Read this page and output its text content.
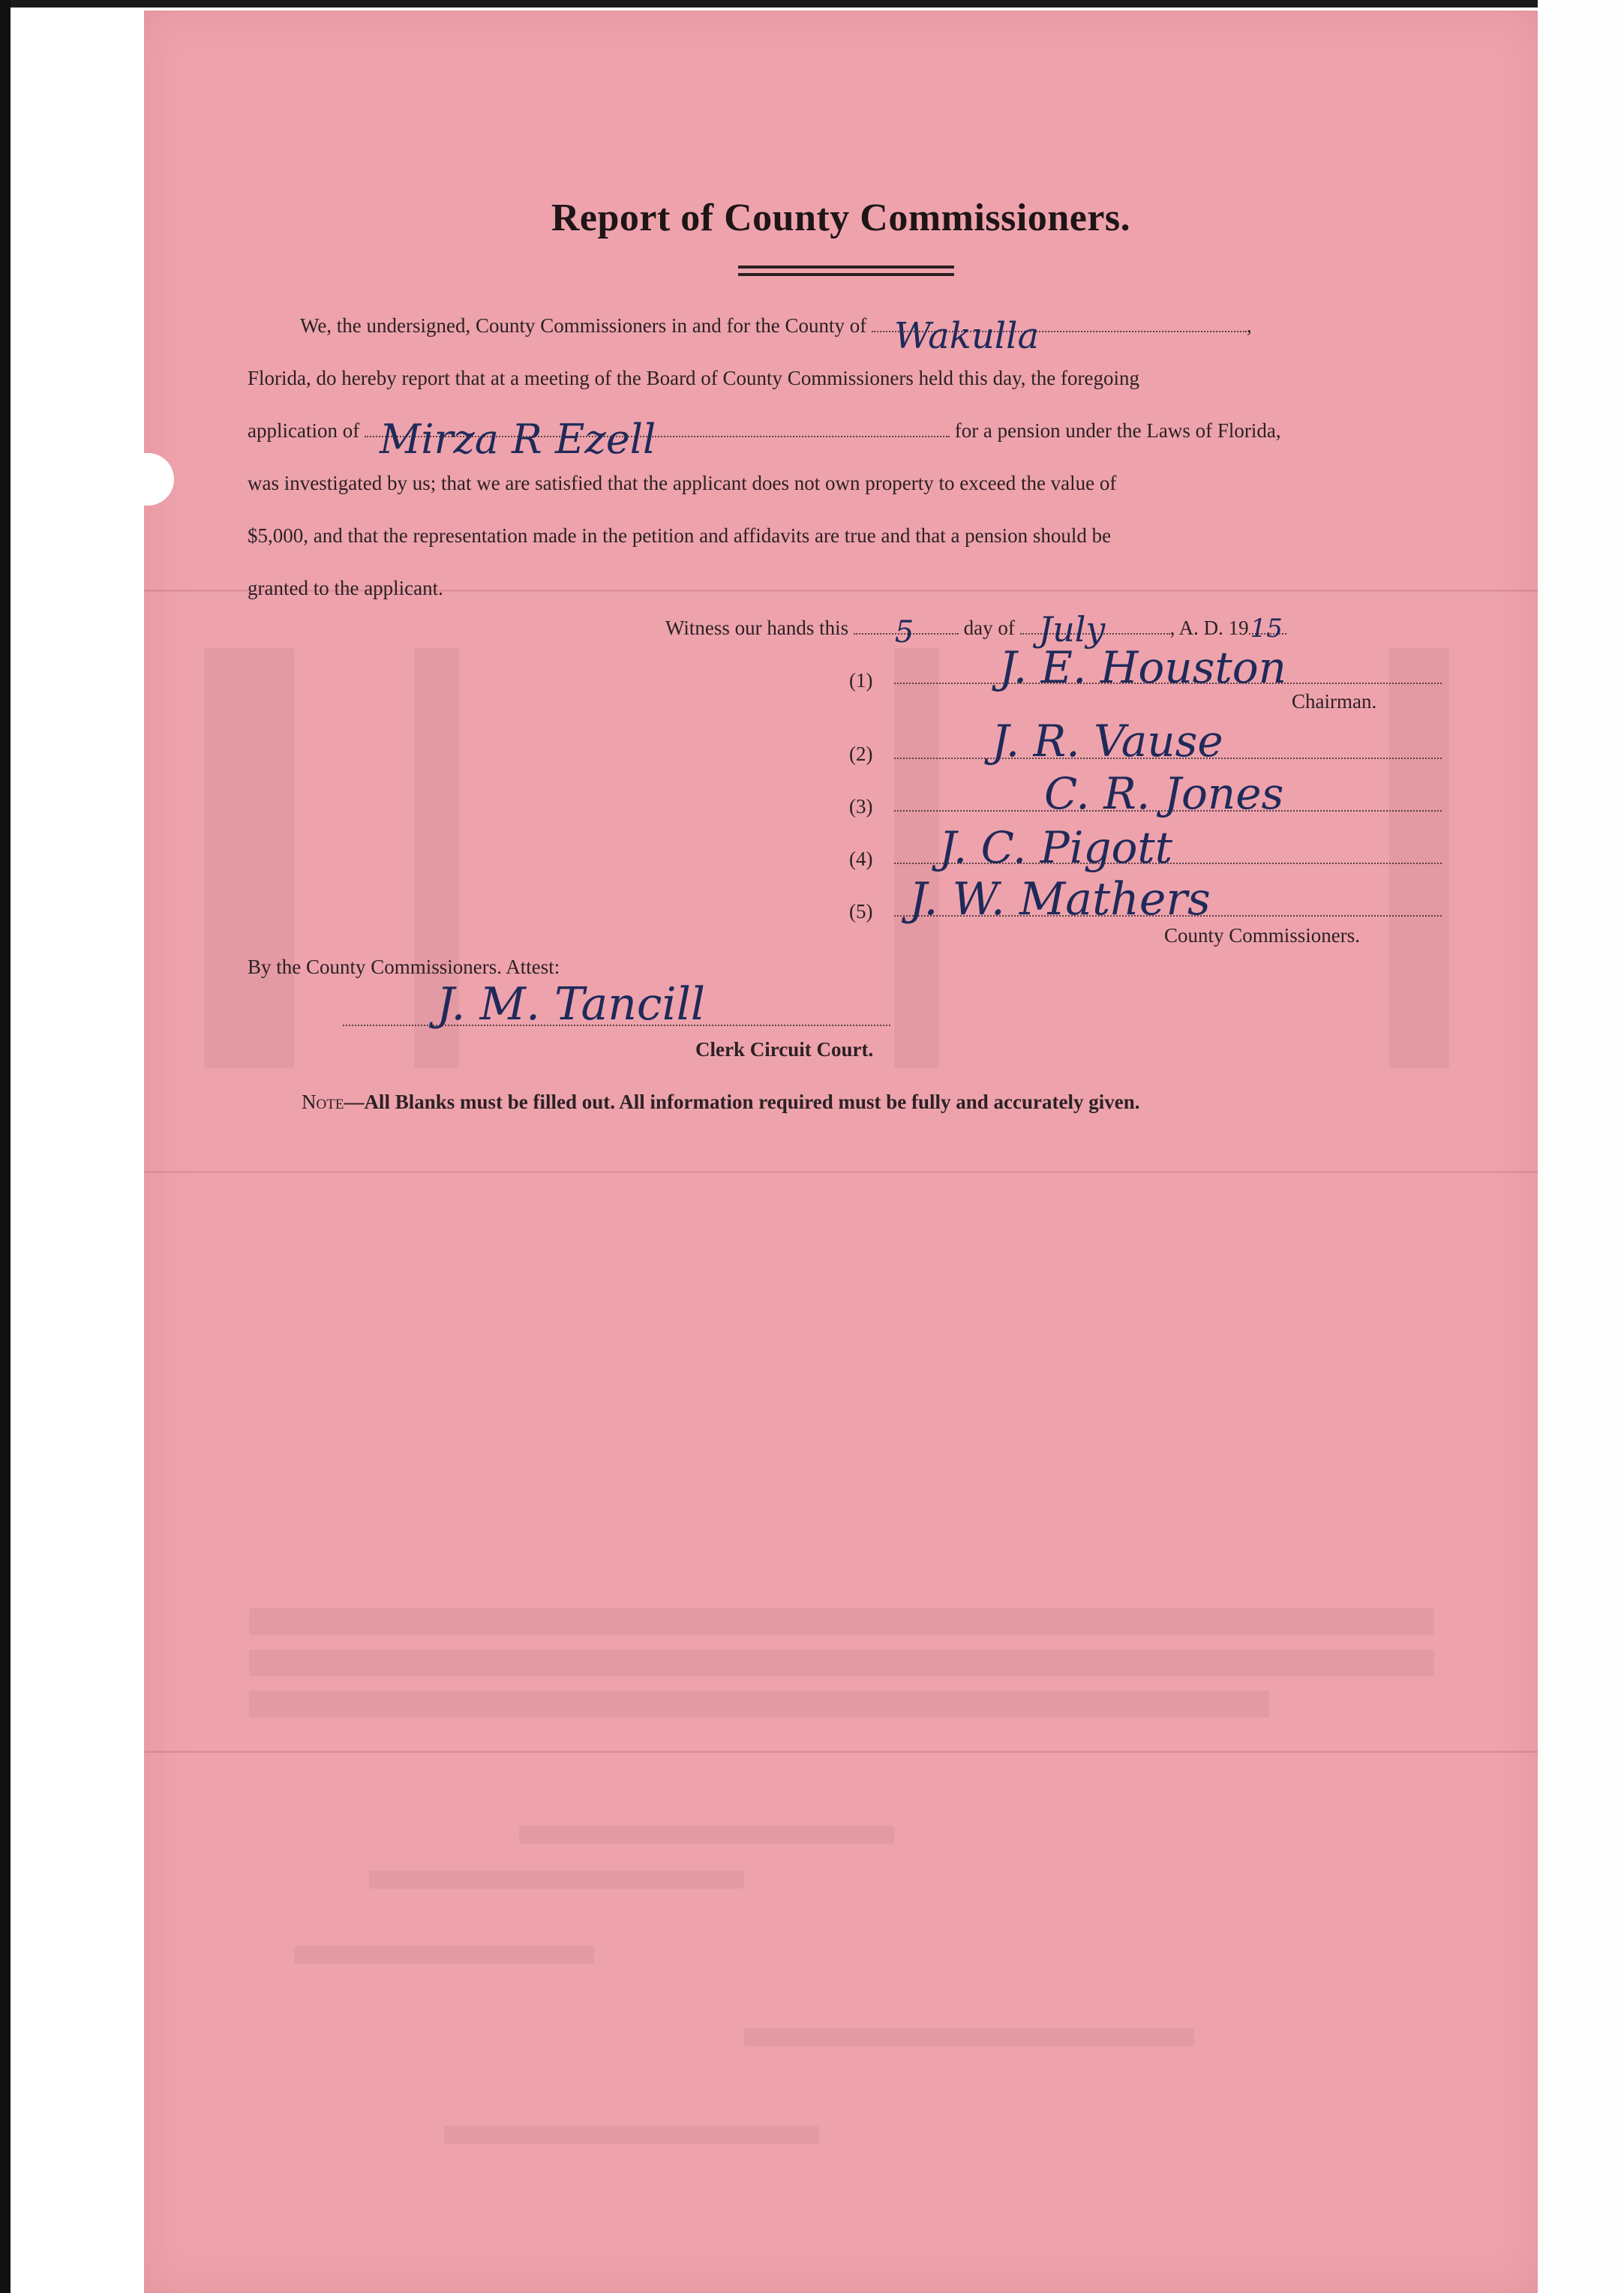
Report of County Commissioners.
We, the undersigned, County Commissioners in and for the County of Wakulla	,
Florida, do hereby report that at a meeting of the Board of County Commissioners held this day, the foregoing
application of Mirza R Ezell	for a pension under the Laws of Florida,
was investigated by us; that we are satisfied that the applicant does not own property to exceed the value of
$5,000, and that the representation made in the petition and affidavits are true and that a pension should be
granted to the applicant.
Witness our hands this 5 day of July	, A. D. 19 15
(1)	J. E. Houston
Chairman.
(2)	J. R. Vause
(3)	C. R. Jones
(4) J. C. Pigott
(5) J. W. Mathers
County Commissioners.
By the County Commissioners. Attest:
J. M. Tancill
Clerk Circuit Court.
Note—All Blanks must be filled out. All information required must be fully and accurately given.
